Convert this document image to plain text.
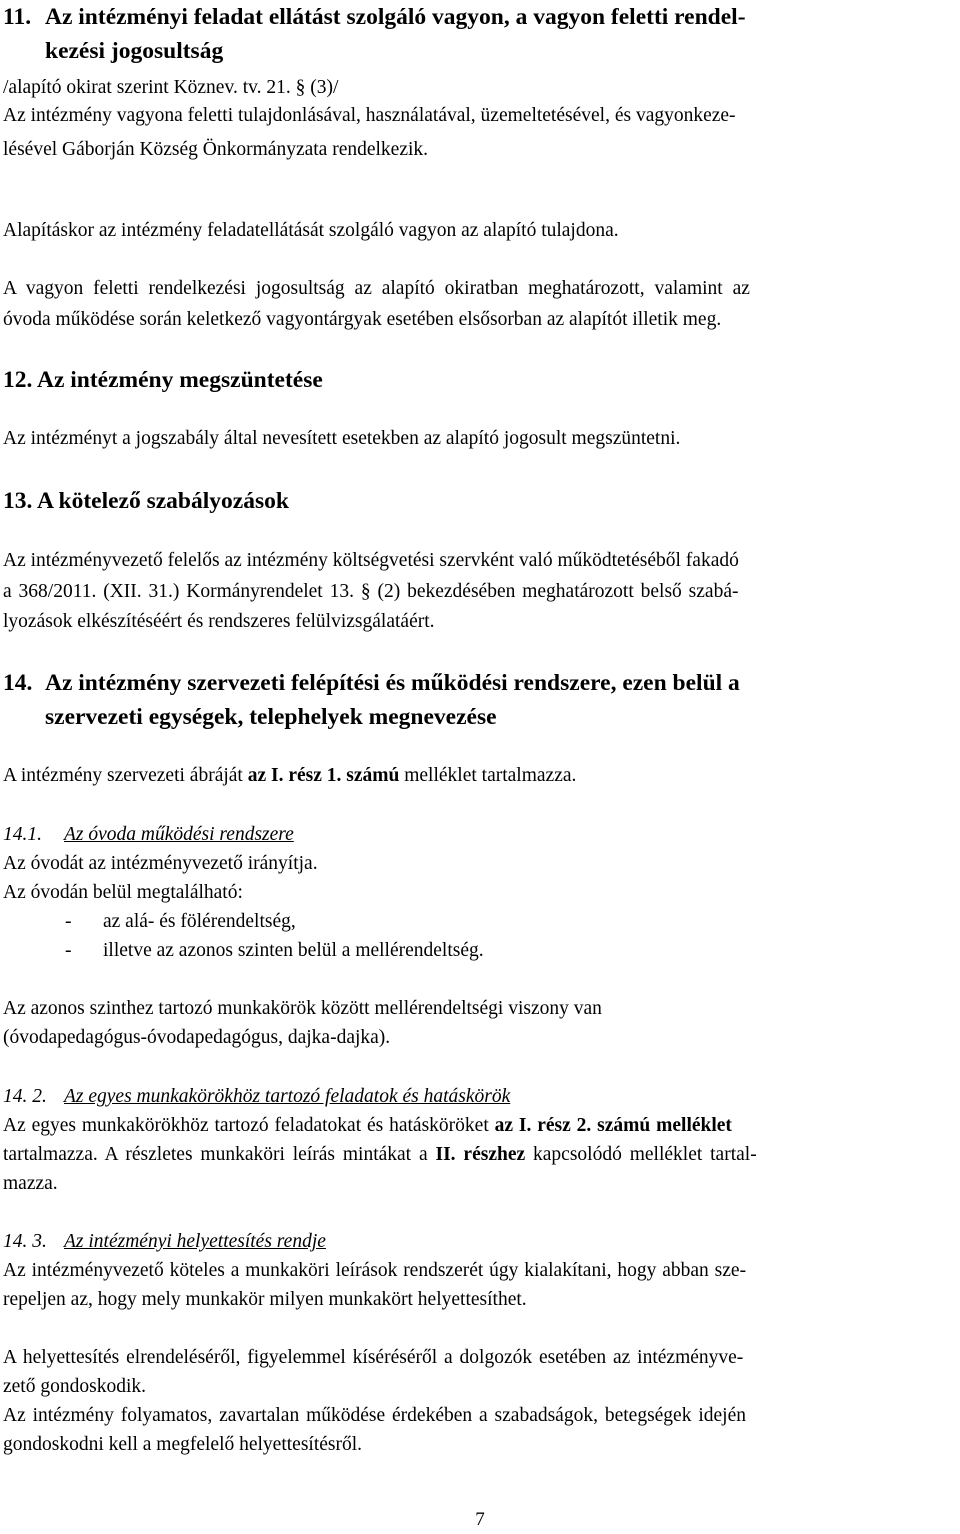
11. Az intézményi feladat ellátást szolgáló vagyon, a vagyon feletti rendel-
kezési jogosultság

/alapító okirat szerint Köznev. tv. 21. § (3)/

Az intézmény vagyona feletti tulajdonlásával, használatával, üzemeltetésével, és vagyonkeze-

lésével Gáborján Község Önkormányzata rendelkezik.

Alapításkor az intézmény feladatellátását szolgáló vagyon az alapító tulajdona.

A vagyon feletti rendelkezési jogosultság az alapító okiratban meghatározott, valamint az

óvoda működése során keletkező vagyontárgyak esetében elsősorban az alapítót illetik meg.

12. Az intézmény megszüntetése

Az intézményt a jogszabály által nevesített esetekben az alapító jogosult megszüntetni.

13. A kötelező szabályozások

Az intézményvezető felelős az intézmény költségvetési szervként való működtetéséből fakadó

a 368/2011. (XII. 31.) Kormányrendelet 13. § (2) bekezdésében meghatározott belső szabá-

lyozások elkészítéséért és rendszeres felülvizsgálatáért.

14. Az intézmény szervezeti felépítési és működési rendszere, ezen belül a
szervezeti egységek, telephelyek megnevezése

A intézmény szervezeti ábráját az I. rész 1. számú melléklet tartalmazza.

14.1. Az óvoda működési rendszere

Az óvodát az intézményvezető irányítja.

Az óvodán belül megtalálható:

- az alá- és fölérendeltség,

- illetve az azonos szinten belül a mellérendeltség.

Az azonos szinthez tartozó munkakörök között mellérendeltségi viszony van

(óvodapedagógus-óvodapedagógus, dajka-dajka).

14. 2. Az egyes munkakörökhöz tartozó feladatok és hatáskörök

Az egyes munkakörökhöz tartozó feladatokat és hatásköröket az I. rész 2. számú melléklet

tartalmazza. A részletes munkaköri leírás mintákat a II. részhez kapcsolódó melléklet tartal-

mazza.

14. 3. Az intézményi helyettesítés rendje

Az intézményvezető köteles a munkaköri leírások rendszerét úgy kialakítani, hogy abban sze-

repeljen az, hogy mely munkakör milyen munkakört helyettesíthet.

A helyettesítés elrendeléséről, figyelemmel kíséréséről a dolgozók esetében az intézményve-

zető gondoskodik.

Az intézmény folyamatos, zavartalan működése érdekében a szabadságok, betegségek idején

gondoskodni kell a megfelelő helyettesítésről.

7
